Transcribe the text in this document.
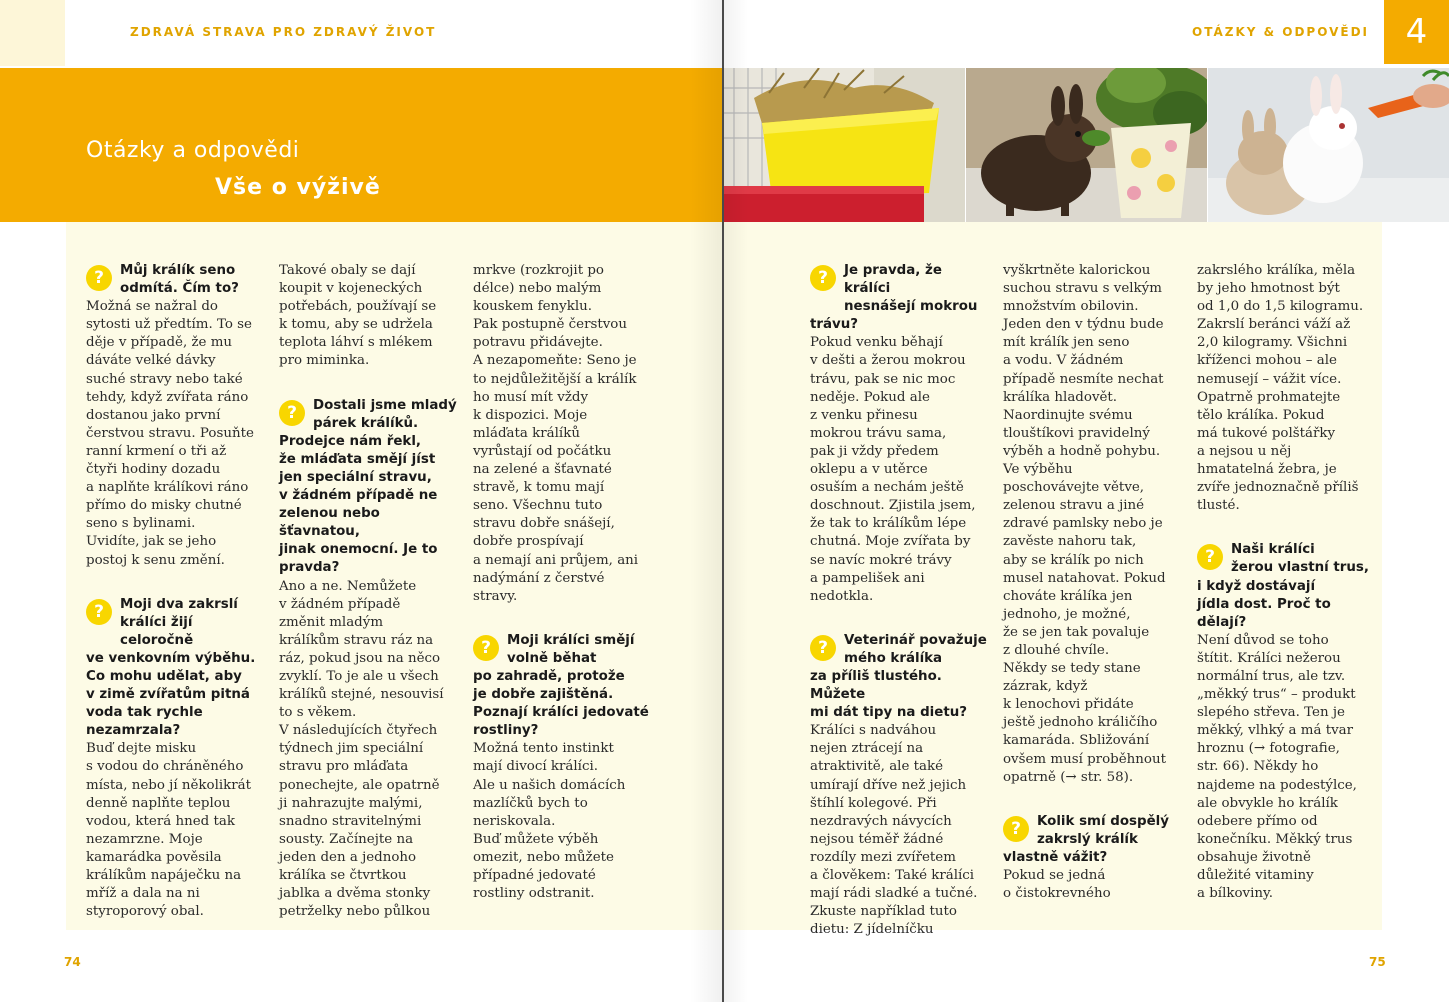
ZDRAVÁ STRAVA PRO ZDRAVÝ ŽIVOT
Otázky a odpovědi
Vše o výživě
?	Můj králík seno
odmítá. Čím to?

Možná se nažral do
sytosti už předtím. To se
děje v případě, že mu
dáváte velké dávky
suché stravy nebo také
tehdy, když zvířata ráno
dostanou jako první
čerstvou stravu. Posuňte
ranní krmení o tři až
čtyři hodiny dozadu
a naplňte králíkovi ráno
přímo do misky chutné
seno s bylinami.
Uvidíte, jak se jeho
postoj k senu změní.

?	Moji dva zakrslí
králíci žijí celoročně
ve venkovním výběhu.
Co mohu udělat, aby
v zimě zvířatům pitná
voda tak rychle
nezamrzala?

Buď dejte misku
s vodou do chráněného
místa, nebo jí několikrát
denně naplňte teplou
vodou, která hned tak
nezamrzne. Moje
kamarádka pověsila
králíkům napáječku na
mříž a dala na ni
styroporový obal.

Takové obaly se dají
koupit v kojeneckých
potřebách, používají se
k tomu, aby se udržela
teplota láhví s mlékem
pro miminka.

?	Dostali jsme mladý
párek králíků.
Prodejce nám řekl,
že mláďata smějí jíst
jen speciální stravu,
v žádném případě ne
zelenou nebo šťavnatou,
jinak onemocní. Je to
pravda?

Ano a ne. Nemůžete
v žádném případě
změnit mladým
králíkům stravu ráz na
ráz, pokud jsou na něco
zvyklí. To je ale u všech
králíků stejné, nesouvisí
to s věkem.
V následujících čtyřech
týdnech jim speciální
stravu pro mláďata
ponechejte, ale opatrně
ji nahrazujte malými,
snadno stravitelnými
sousty. Začínejte na
jeden den a jednoho
králíka se čtvrtkou
jablka a dvěma stonky
petrželky nebo půlkou

mrkve (rozkrojit po
délce) nebo malým
kouskem fenyklu.
Pak postupně čerstvou
potravu přidávejte.
A nezapomeňte: Seno je
to nejdůležitější a králík
ho musí mít vždy
k dispozici. Moje
mláďata králíků
vyrůstají od počátku
na zelené a šťavnaté
stravě, k tomu mají
seno. Všechnu tuto
stravu dobře snášejí,
dobře prospívají
a nemají ani průjem, ani
nadýmání z čerstvé
stravy.

?	Moji králíci smějí
volně běhat
po zahradě, protože
je dobře zajištěná.
Poznají králíci jedovaté
rostliny?

Možná tento instinkt
mají divocí králíci.
Ale u našich domácích
mazlíčků bych to
neriskovala.
Buď můžete výběh
omezit, nebo můžete
případné jedovaté
rostliny odstranit.

74
OTÁZKY & ODPOVĚDI	4
?	Je pravda, že králíci
nesnášejí mokrou
trávu?

Pokud venku běhají
v dešti a žerou mokrou
trávu, pak se nic moc
neděje. Pokud ale
z venku přinesu
mokrou trávu sama,
pak ji vždy předem
oklepu a v utěrce
osuším a nechám ještě
doschnout. Zjistila jsem,
že tak to králíkům lépe
chutná. Moje zvířata by
se navíc mokré trávy
a pampelišek ani
nedotkla.

?	Veterinář považuje
mého králíka
za příliš tlustého. Můžete
mi dát tipy na dietu?

Králíci s nadváhou
nejen ztrácejí na
atraktivitě, ale také
umírají dříve než jejich
štíhlí kolegové. Při
nezdravých návycích
nejsou téměř žádné
rozdíly mezi zvířetem
a člověkem: Také králíci
mají rádi sladké a tučné.
Zkuste například tuto
dietu: Z jídelníčku

vyškrtněte kalorickou
suchou stravu s velkým
množstvím obilovin.
Jeden den v týdnu bude
mít králík jen seno
a vodu. V žádném
případě nesmíte nechat
králíka hladovět.
Naordinujte svému
tlouštíkovi pravidelný
výběh a hodně pohybu.
Ve výběhu
poschovávejte větve,
zelenou stravu a jiné
zdravé pamlsky nebo je
zavěste nahoru tak,
aby se králík po nich
musel natahovat. Pokud
chováte králíka jen
jednoho, je možné,
že se jen tak povaluje
z dlouhé chvíle.
Někdy se tedy stane
zázrak, když
k lenochovi přidáte
ještě jednoho králičího
kamaráda. Sbližování
ovšem musí proběhnout
opatrně (→ str. 58).

?	Kolik smí dospělý
zakrslý králík
vlastně vážit?

Pokud se jedná
o čistokrevného

zakrslého králíka, měla
by jeho hmotnost být
od 1,0 do 1,5 kilogramu.
Zakrslí beránci váží až
2,0 kilogramy. Všichni
kříženci mohou – ale
nemusejí – vážit více.
Opatrně prohmatejte
tělo králíka. Pokud
má tukové polštářky
a nejsou u něj
hmatatelná žebra, je
zvíře jednoznačně příliš
tlusté.

?	Naši králíci
žerou vlastní trus,
i když dostávají
jídla dost. Proč to
dělají?

Není důvod se toho
štítit. Králíci nežerou
normální trus, ale tzv.
„měkký trus“ – produkt
slepého střeva. Ten je
měkký, vlhký a má tvar
hroznu (→ fotografie,
str. 66). Někdy ho
najdeme na podestýlce,
ale obvykle ho králík
odebere přímo od
konečníku. Měkký trus
obsahuje životně
důležité vitaminy
a bílkoviny.

75
